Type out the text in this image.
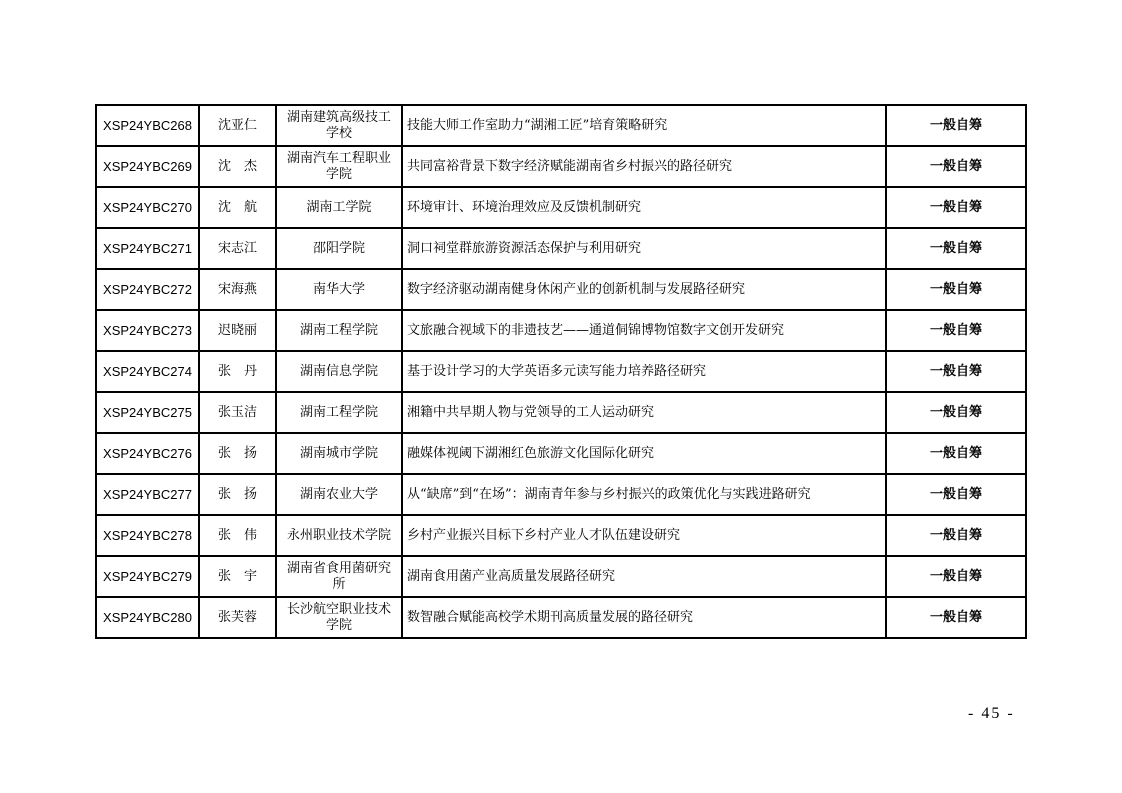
XSP24YBC268	沈亚仁	湖南建筑高级技工学校	技能大师工作室助力“湖湘工匠”培育策略研究	一般自筹
XSP24YBC269	沈　杰	湖南汽车工程职业学院	共同富裕背景下数字经济赋能湖南省乡村振兴的路径研究	一般自筹
XSP24YBC270	沈　航	湖南工学院	环境审计、环境治理效应及反馈机制研究	一般自筹
XSP24YBC271	宋志江	邵阳学院	洞口祠堂群旅游资源活态保护与利用研究	一般自筹
XSP24YBC272	宋海燕	南华大学	数字经济驱动湖南健身休闲产业的创新机制与发展路径研究	一般自筹
XSP24YBC273	迟晓丽	湖南工程学院	文旅融合视域下的非遗技艺——通道侗锦博物馆数字文创开发研究	一般自筹
XSP24YBC274	张　丹	湖南信息学院	基于设计学习的大学英语多元读写能力培养路径研究	一般自筹
XSP24YBC275	张玉洁	湖南工程学院	湘籍中共早期人物与党领导的工人运动研究	一般自筹
XSP24YBC276	张　扬	湖南城市学院	融媒体视阈下湖湘红色旅游文化国际化研究	一般自筹
XSP24YBC277	张　扬	湖南农业大学	从“缺席”到“在场”：湖南青年参与乡村振兴的政策优化与实践进路研究	一般自筹
XSP24YBC278	张　伟	永州职业技术学院	乡村产业振兴目标下乡村产业人才队伍建设研究	一般自筹
XSP24YBC279	张　宇	湖南省食用菌研究所	湖南食用菌产业高质量发展路径研究	一般自筹
XSP24YBC280	张芙蓉	长沙航空职业技术学院	数智融合赋能高校学术期刊高质量发展的路径研究	一般自筹
- 45 -
